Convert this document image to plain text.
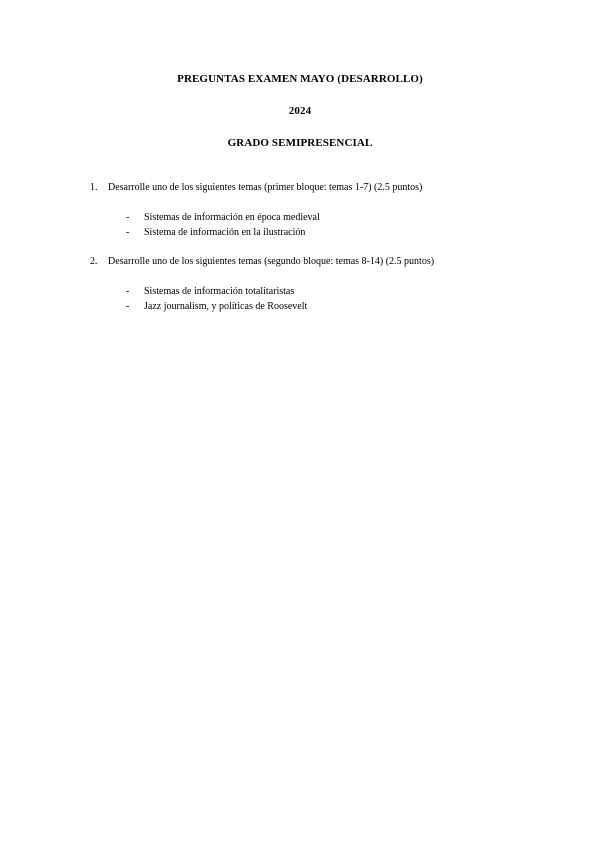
PREGUNTAS EXAMEN MAYO (DESARROLLO)
2024
GRADO SEMIPRESENCIAL
1. Desarrolle uno de los siguientes temas (primer bloque: temas 1-7) (2.5 puntos)
- Sistemas de información en época medieval
- Sistema de información en la ilustración
2. Desarrolle uno de los siguientes temas (segundo bloque: temas 8-14) (2.5 puntos)
- Sistemas de información totalitaristas
- Jazz journalism, y políticas de Roosevelt
